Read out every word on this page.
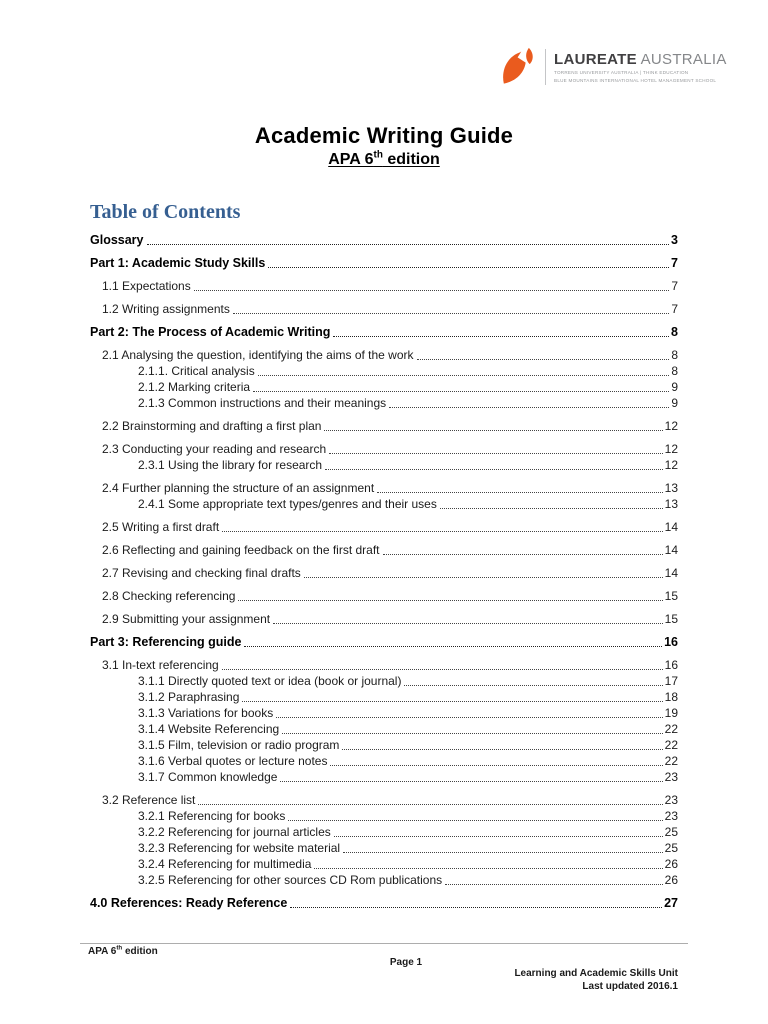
LAUREATE AUSTRALIA
TORRENS UNIVERSITY AUSTRALIA | THINK EDUCATION
BLUE MOUNTAINS INTERNATIONAL HOTEL MANAGEMENT SCHOOL
Academic Writing Guide
APA 6th edition
Table of Contents
Glossary	3
Part 1: Academic Study Skills	7
1.1 Expectations	7
1.2 Writing assignments	7
Part 2: The Process of Academic Writing	8
2.1 Analysing the question, identifying the aims of the work	8
2.1.1. Critical analysis	8
2.1.2 Marking criteria	9
2.1.3 Common instructions and their meanings	9
2.2 Brainstorming and drafting a first plan	12
2.3 Conducting your reading and research	12
2.3.1 Using the library for research	12
2.4 Further planning the structure of an assignment	13
2.4.1 Some appropriate text types/genres and their uses	13
2.5 Writing a first draft	14
2.6 Reflecting and gaining feedback on the first draft	14
2.7 Revising and checking final drafts	14
2.8 Checking referencing	15
2.9 Submitting your assignment	15
Part 3: Referencing guide	16
3.1 In-text referencing	16
3.1.1 Directly quoted text or idea (book or journal)	17
3.1.2 Paraphrasing	18
3.1.3 Variations for books	19
3.1.4 Website Referencing	22
3.1.5 Film, television or radio program	22
3.1.6 Verbal quotes or lecture notes	22
3.1.7 Common knowledge	23
3.2 Reference list	23
3.2.1 Referencing for books	23
3.2.2 Referencing for journal articles	25
3.2.3 Referencing for website material	25
3.2.4 Referencing for multimedia	26
3.2.5 Referencing for other sources CD Rom publications	26
4.0 References: Ready Reference	27
APA 6th edition
Page 1
Learning and Academic Skills Unit
Last updated 2016.1
